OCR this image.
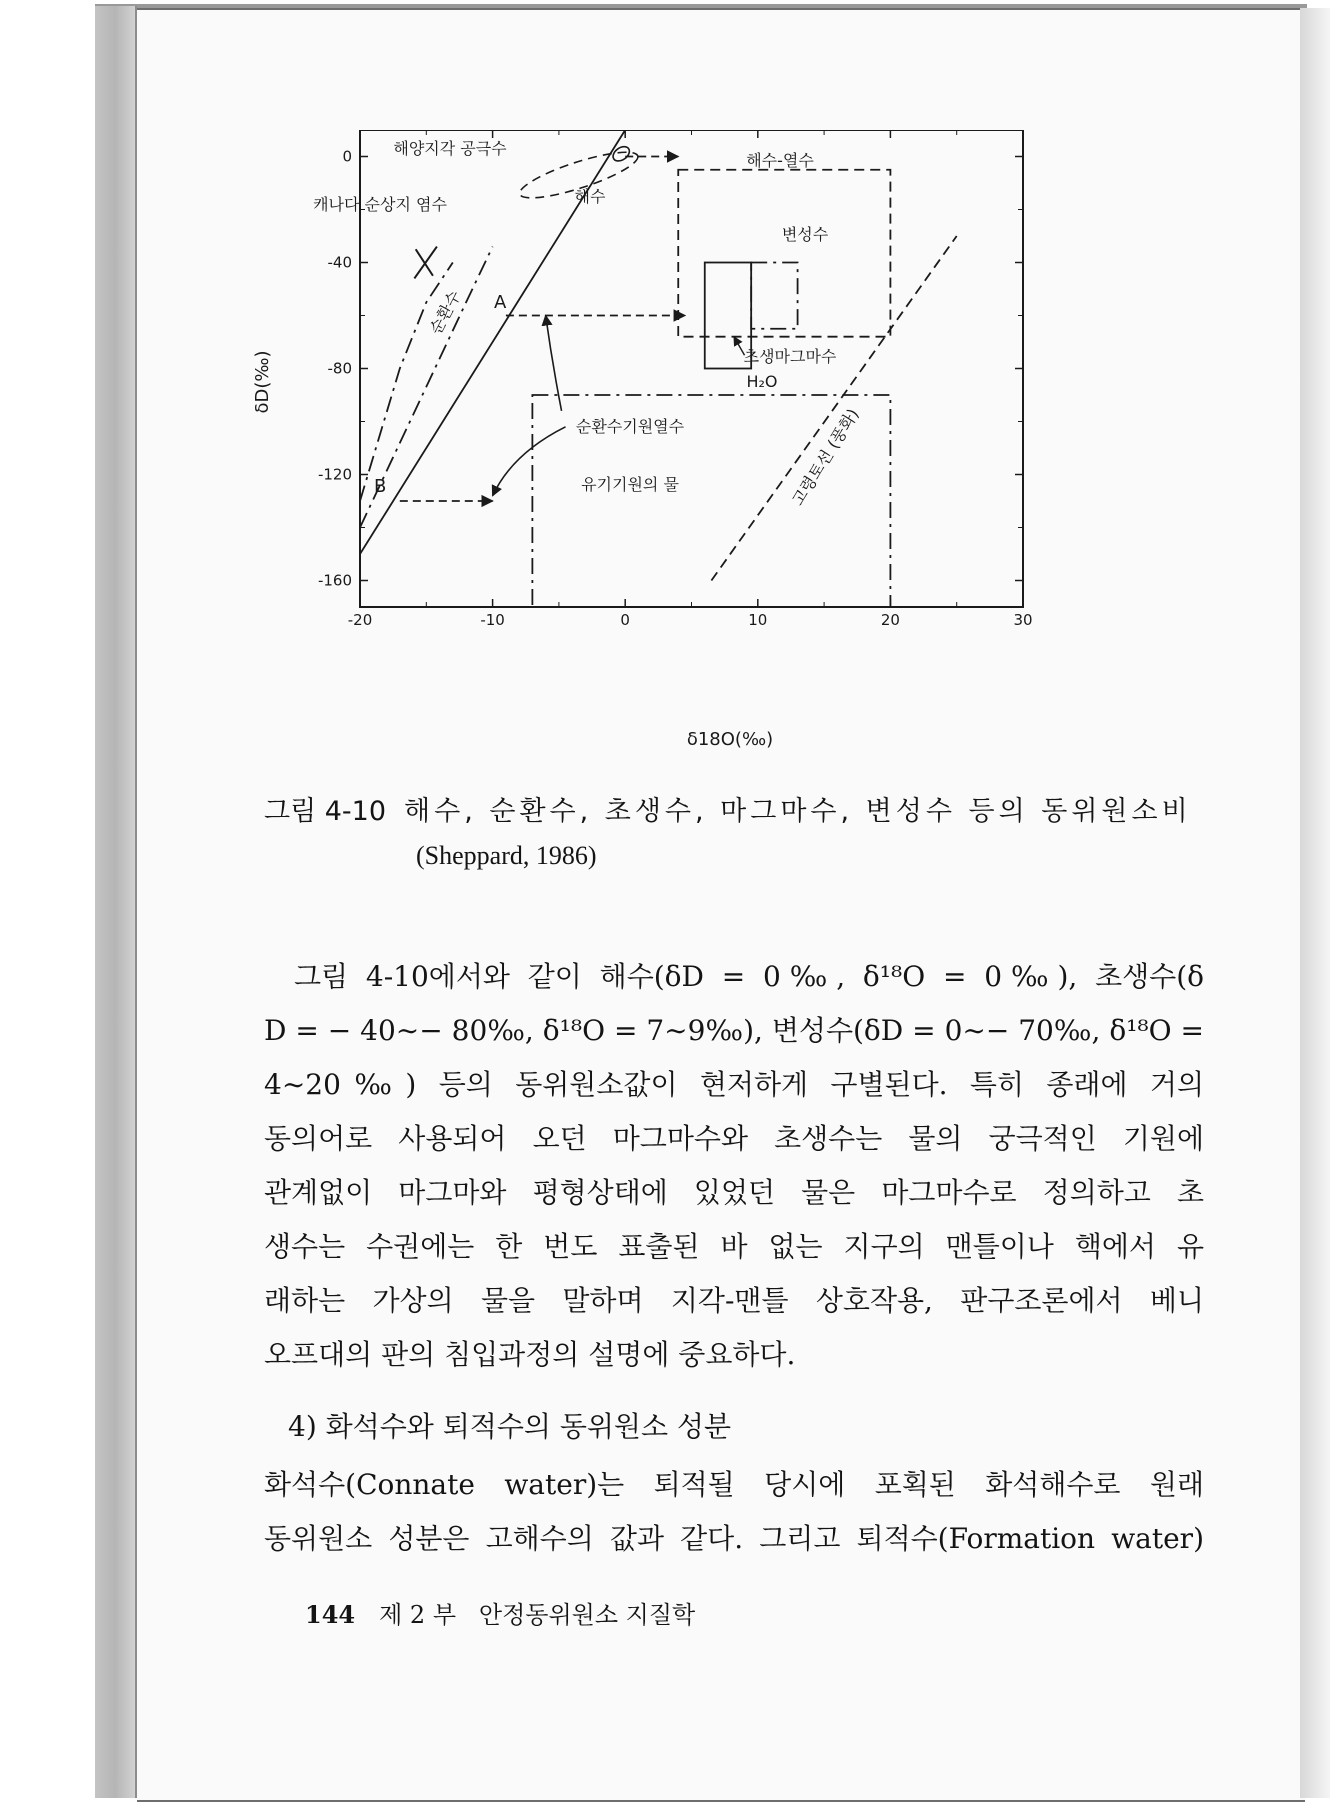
-20	-10	0	10	20	30
0
-40
-80
-120
-160
δ18O(‰)
δD(‰)
해양지각 공극수
캐나다 순상지 염수	해수
순환수 A
B
H₂O
유기기원의 물	고령토선 (풍화)
해수-열수
변성수
초생마그마수
순환수기원열수
그림 4-10 해수, 순환수, 초생수, 마그마수, 변성수 등의 동위원소비
(Sheppard, 1986)
그림 4-10에서와 같이 해수(δD = 0‰, δ¹⁸O = 0‰), 초생수(δ
D = − 40∼− 80‰, δ¹⁸O = 7∼9‰), 변성수(δD = 0∼− 70‰, δ¹⁸O =
4∼20‰) 등의 동위원소값이 현저하게 구별된다. 특히 종래에 거의
동의어로 사용되어 오던 마그마수와 초생수는 물의 궁극적인 기원에
관계없이 마그마와 평형상태에 있었던 물은 마그마수로 정의하고 초
생수는 수권에는 한 번도 표출된 바 없는 지구의 맨틀이나 핵에서 유
래하는 가상의 물을 말하며 지각-맨틀 상호작용, 판구조론에서 베니
오프대의 판의 침입과정의 설명에 중요하다.
4) 화석수와 퇴적수의 동위원소 성분
화석수(Connate water)는 퇴적될 당시에 포획된 화석해수로 원래
동위원소 성분은 고해수의 값과 같다. 그리고 퇴적수(Formation water)
144 제 2 부 안정동위원소 지질학
